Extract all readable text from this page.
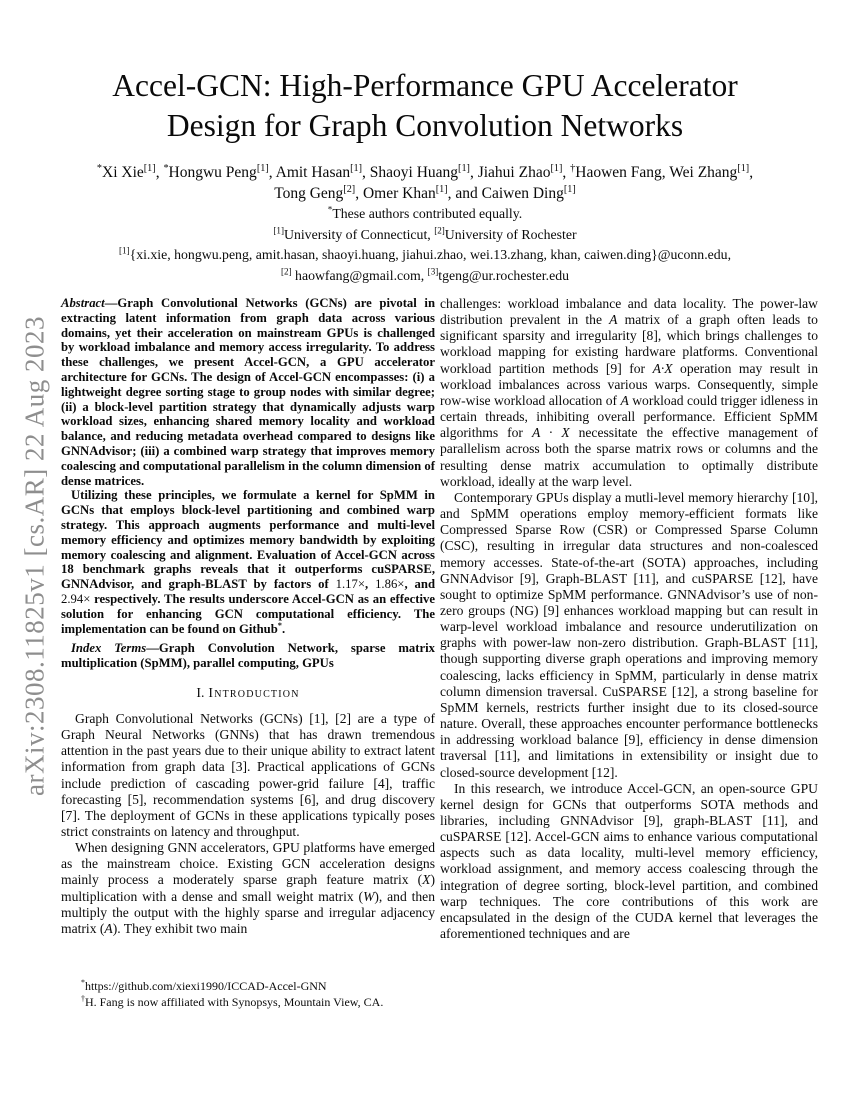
arXiv:2308.11825v1 [cs.AR] 22 Aug 2023
Accel-GCN: High-Performance GPU Accelerator
Design for Graph Convolution Networks
*Xi Xie[1], *Hongwu Peng[1], Amit Hasan[1], Shaoyi Huang[1], Jiahui Zhao[1], †Haowen Fang, Wei Zhang[1],
Tong Geng[2], Omer Khan[1], and Caiwen Ding[1]
*These authors contributed equally.
[1]University of Connecticut, [2]University of Rochester
[1]{xi.xie, hongwu.peng, amit.hasan, shaoyi.huang, jiahui.zhao, wei.13.zhang, khan, caiwen.ding}@uconn.edu,
[2] haowfang@gmail.com, [3]tgeng@ur.rochester.edu

Abstract—Graph Convolutional Networks (GCNs) are pivotal in extracting latent information from graph data across various domains, yet their acceleration on mainstream GPUs is challenged by workload imbalance and memory access irregularity. To address these challenges, we present Accel-GCN, a GPU accelerator architecture for GCNs. The design of Accel-GCN encompasses: (i) a lightweight degree sorting stage to group nodes with similar degree; (ii) a block-level partition strategy that dynamically adjusts warp workload sizes, enhancing shared memory locality and workload balance, and reducing metadata overhead compared to designs like GNNAdvisor; (iii) a combined warp strategy that improves memory coalescing and computational parallelism in the column dimension of dense matrices.

Utilizing these principles, we formulate a kernel for SpMM in GCNs that employs block-level partitioning and combined warp strategy. This approach augments performance and multi-level memory efficiency and optimizes memory bandwidth by exploiting memory coalescing and alignment. Evaluation of Accel-GCN across 18 benchmark graphs reveals that it outperforms cuSPARSE, GNNAdvisor, and graph-BLAST by factors of 1.17×, 1.86×, and 2.94× respectively. The results underscore Accel-GCN as an effective solution for enhancing GCN computational efficiency. The implementation can be found on Github*.

Index Terms—Graph Convolution Network, sparse matrix multiplication (SpMM), parallel computing, GPUs
I. Introduction

Graph Convolutional Networks (GCNs) [1], [2] are a type of Graph Neural Networks (GNNs) that has drawn tremendous attention in the past years due to their unique ability to extract latent information from graph data [3]. Practical applications of GCNs include prediction of cascading power-grid failure [4], traffic forecasting [5], recommendation systems [6], and drug discovery [7]. The deployment of GCNs in these applications typically poses strict constraints on latency and throughput.

When designing GNN accelerators, GPU platforms have emerged as the mainstream choice. Existing GCN acceleration designs mainly process a moderately sparse graph feature matrix (X) multiplication with a dense and small weight matrix (W), and then multiply the output with the highly sparse and irregular adjacency matrix (A). They exhibit two main

*https://github.com/xiexi1990/ICCAD-Accel-GNN
†H. Fang is now affiliated with Synopsys, Mountain View, CA.

challenges: workload imbalance and data locality. The power-law distribution prevalent in the A matrix of a graph often leads to significant sparsity and irregularity [8], which brings challenges to workload mapping for existing hardware platforms. Conventional workload partition methods [9] for A·X operation may result in workload imbalances across various warps. Consequently, simple row-wise workload allocation of A workload could trigger idleness in certain threads, inhibiting overall performance. Efficient SpMM algorithms for A · X necessitate the effective management of parallelism across both the sparse matrix rows or columns and the resulting dense matrix accumulation to optimally distribute workload, ideally at the warp level.

Contemporary GPUs display a mutli-level memory hierarchy [10], and SpMM operations employ memory-efficient formats like Compressed Sparse Row (CSR) or Compressed Sparse Column (CSC), resulting in irregular data structures and non-coalesced memory accesses. State-of-the-art (SOTA) approaches, including GNNAdvisor [9], Graph-BLAST [11], and cuSPARSE [12], have sought to optimize SpMM performance. GNNAdvisor’s use of non-zero groups (NG) [9] enhances workload mapping but can result in warp-level workload imbalance and resource underutilization on graphs with power-law non-zero distribution. Graph-BLAST [11], though supporting diverse graph operations and improving memory coalescing, lacks efficiency in SpMM, particularly in dense matrix column dimension traversal. CuSPARSE [12], a strong baseline for SpMM kernels, restricts further insight due to its closed-source nature. Overall, these approaches encounter performance bottlenecks in addressing workload balance [9], efficiency in dense dimension traversal [11], and limitations in extensibility or insight due to closed-source development [12].

In this research, we introduce Accel-GCN, an open-source GPU kernel design for GCNs that outperforms SOTA methods and libraries, including GNNAdvisor [9], graph-BLAST [11], and cuSPARSE [12]. Accel-GCN aims to enhance various computational aspects such as data locality, multi-level memory efficiency, workload assignment, and memory access coalescing through the integration of degree sorting, block-level partition, and combined warp techniques. The core contributions of this work are encapsulated in the design of the CUDA kernel that leverages the aforementioned techniques and are
